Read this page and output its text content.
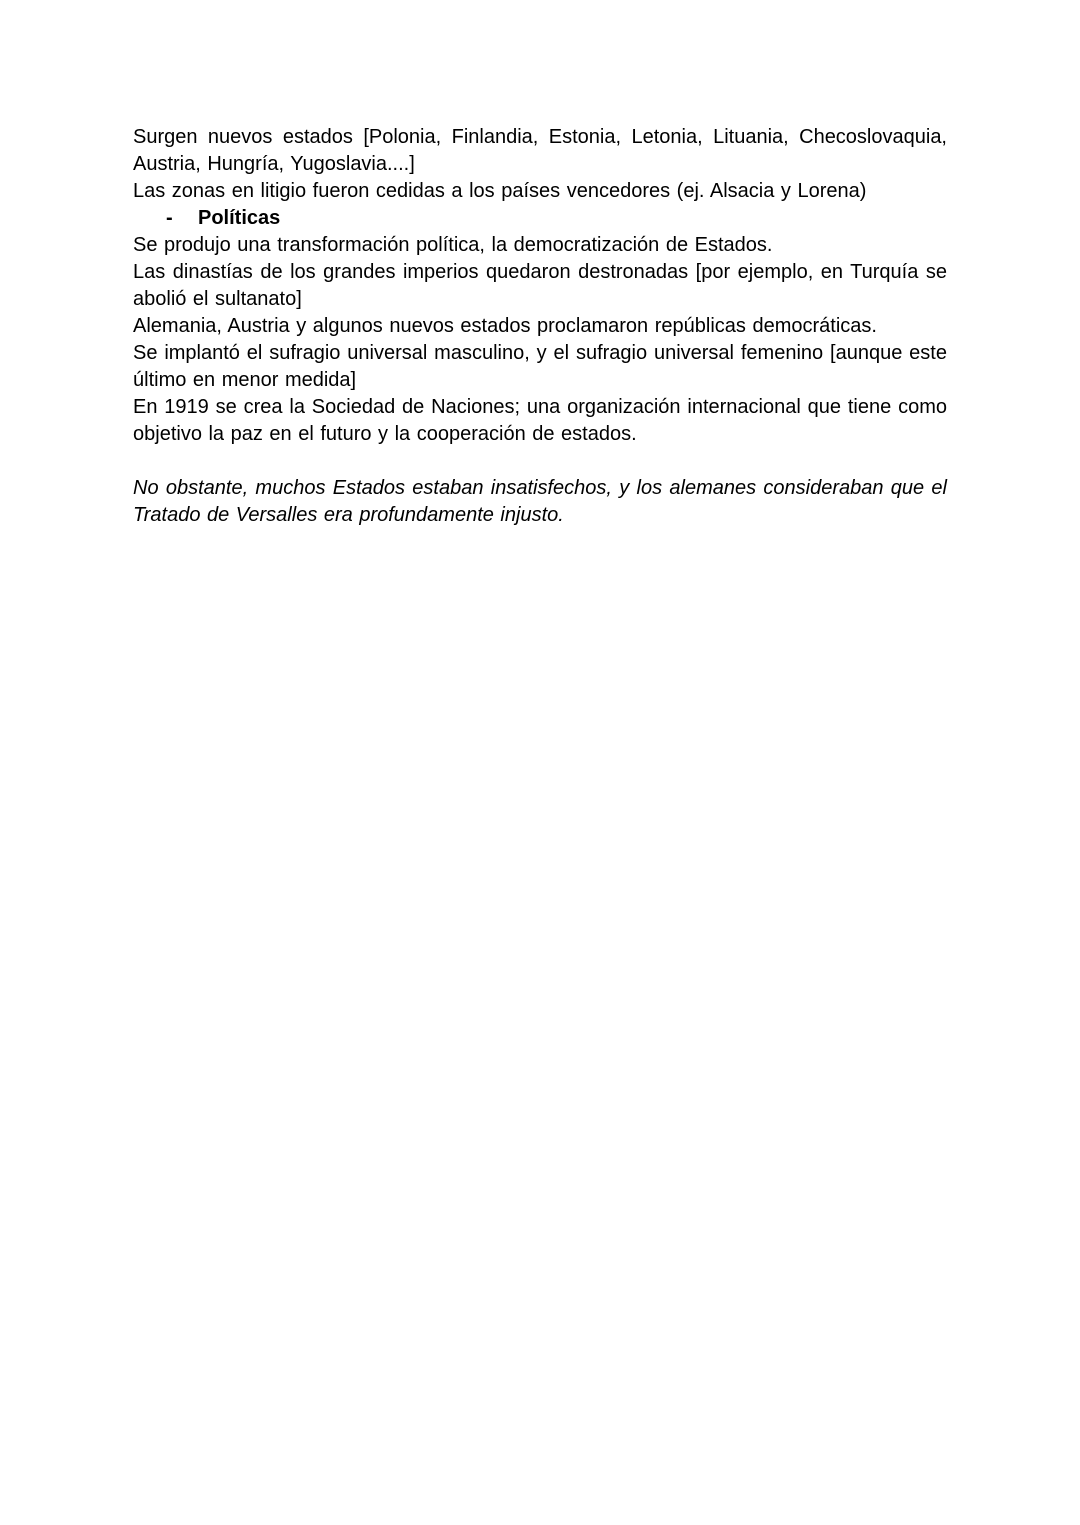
Surgen nuevos estados [Polonia, Finlandia, Estonia, Letonia, Lituania, Checoslovaquia, Austria, Hungría, Yugoslavia....]

Las zonas en litigio fueron cedidas a los países vencedores (ej. Alsacia y Lorena)

- Políticas

Se produjo una transformación política, la democratización de Estados.

Las dinastías de los grandes imperios quedaron destronadas [por ejemplo, en Turquía se abolió el sultanato]

Alemania, Austria y algunos nuevos estados proclamaron repúblicas democráticas.

Se implantó el sufragio universal masculino, y el sufragio universal femenino [aunque este último en menor medida]

En 1919 se crea la Sociedad de Naciones; una organización internacional que tiene como objetivo la paz en el futuro y la cooperación de estados.

No obstante, muchos Estados estaban insatisfechos, y los alemanes consideraban que el Tratado de Versalles era profundamente injusto.
